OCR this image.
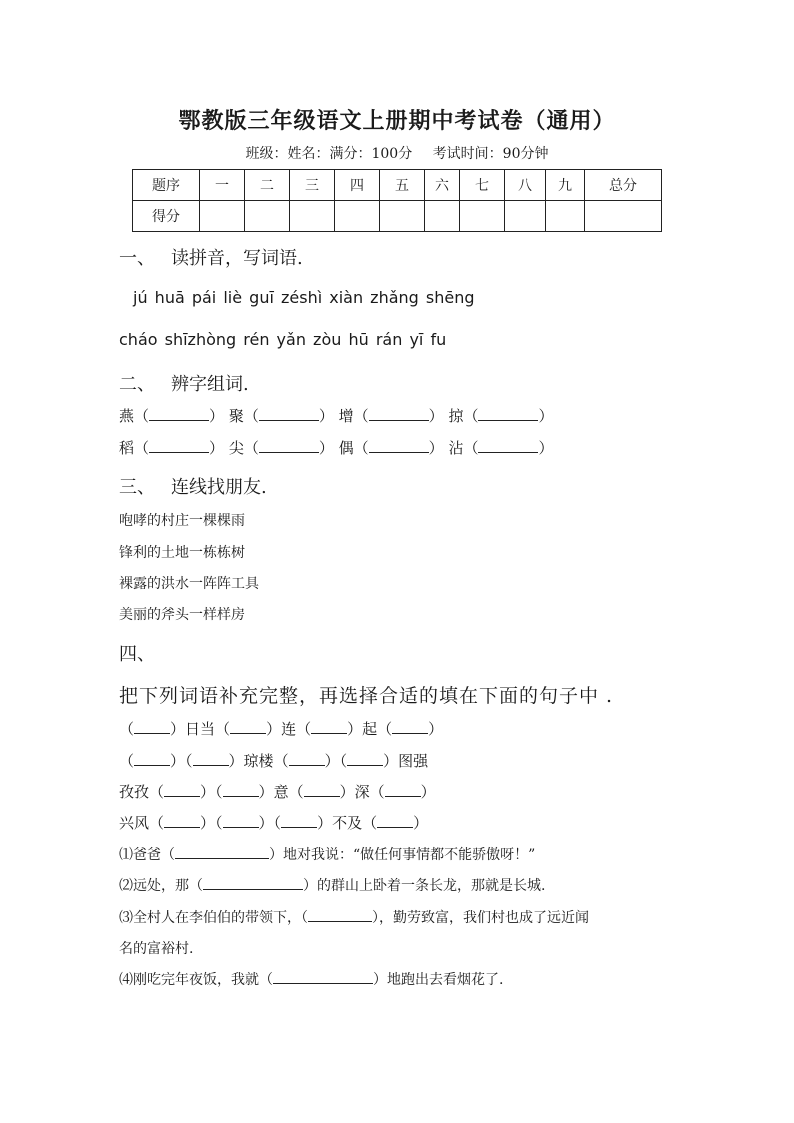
鄂教版三年级语文上册期中考试卷（通用）
班级：姓名：满分：100分 考试时间：90分钟
题序	一	二	三	四	五	六	七	八	九	总分
得分										
一、 读拼音，写词语.
jú huā pái liè guī zéshì xiàn zhǎng shēng
cháo shīzhòng rén yǎn zòu hū rán yī fu
二、 辨字组词.
燕（	） 聚（	） 增（	） 掠（	）
稻（	） 尖（	） 偶（	） 沾（	）
三、 连线找朋友.
咆哮的村庄一棵棵雨
锋利的土地一栋栋树
裸露的洪水一阵阵工具
美丽的斧头一样样房
四、
把下列词语补充完整，再选择合适的填在下面的句子中 .
（ ）日当（ ）连（ ）起（ ）
（ ）（ ）琼楼（ ）（ ）图强
孜孜（ ）（ ）意（ ）深（ ）
兴风（ ）（ ）（ ）不及（ ）
⑴爸爸（	）地对我说：“做任何事情都不能骄傲呀！”
⑵远处，那（	）的群山上卧着一条长龙，那就是长城.
⑶全村人在李伯伯的带领下，（	），勤劳致富，我们村也成了远近闻
名的富裕村.
⑷刚吃完年夜饭，我就（	）地跑出去看烟花了.
